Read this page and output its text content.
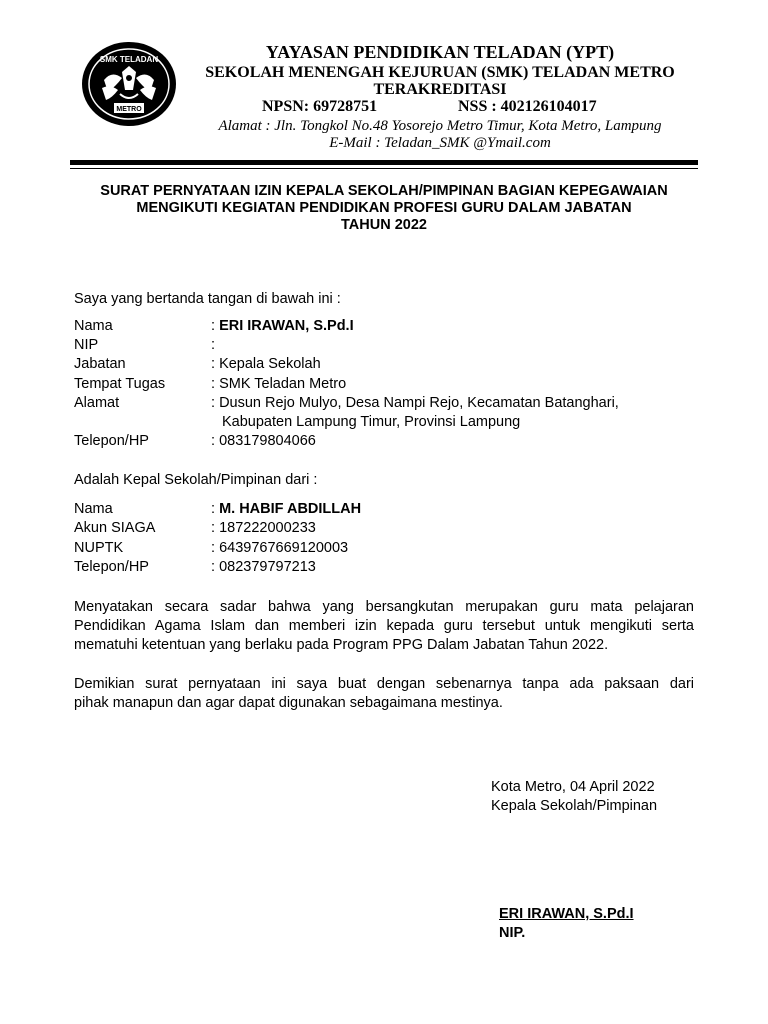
SMK TELADAN
METRO
YAYASAN PENDIDIKAN TELADAN (YPT)
SEKOLAH MENENGAH KEJURUAN (SMK) TELADAN METRO
TERAKREDITASI
NPSN: 69728751	NSS : 402126104017
Alamat : Jln. Tongkol No.48 Yosorejo Metro Timur, Kota Metro, Lampung
E-Mail : Teladan_SMK @Ymail.com
SURAT PERNYATAAN IZIN KEPALA SEKOLAH/PIMPINAN BAGIAN KEPEGAWAIAN
MENGIKUTI KEGIATAN PENDIDIKAN PROFESI GURU DALAM JABATAN
TAHUN 2022
Saya yang bertanda tangan di bawah ini :
Nama	: ERI IRAWAN, S.Pd.I
NIP	:
Jabatan	: Kepala Sekolah
Tempat Tugas	: SMK Teladan Metro
Alamat	: Dusun Rejo Mulyo, Desa Nampi Rejo, Kecamatan Batanghari,
Kabupaten Lampung Timur, Provinsi Lampung
Telepon/HP	: 083179804066
Adalah Kepal Sekolah/Pimpinan dari :
Nama	: M. HABIF ABDILLAH
Akun SIAGA	: 187222000233
NUPTK	: 6439767669120003
Telepon/HP	: 082379797213
Menyatakan secara sadar bahwa yang bersangkutan merupakan guru mata pelajaran
Pendidikan Agama Islam dan memberi izin kepada guru tersebut untuk mengikuti serta
mematuhi ketentuan yang berlaku pada Program PPG Dalam Jabatan Tahun 2022.
Demikian surat pernyataan ini saya buat dengan sebenarnya tanpa ada paksaan dari
pihak manapun dan agar dapat digunakan sebagaimana mestinya.
Kota Metro, 04 April 2022
Kepala Sekolah/Pimpinan
ERI IRAWAN, S.Pd.I
NIP.
